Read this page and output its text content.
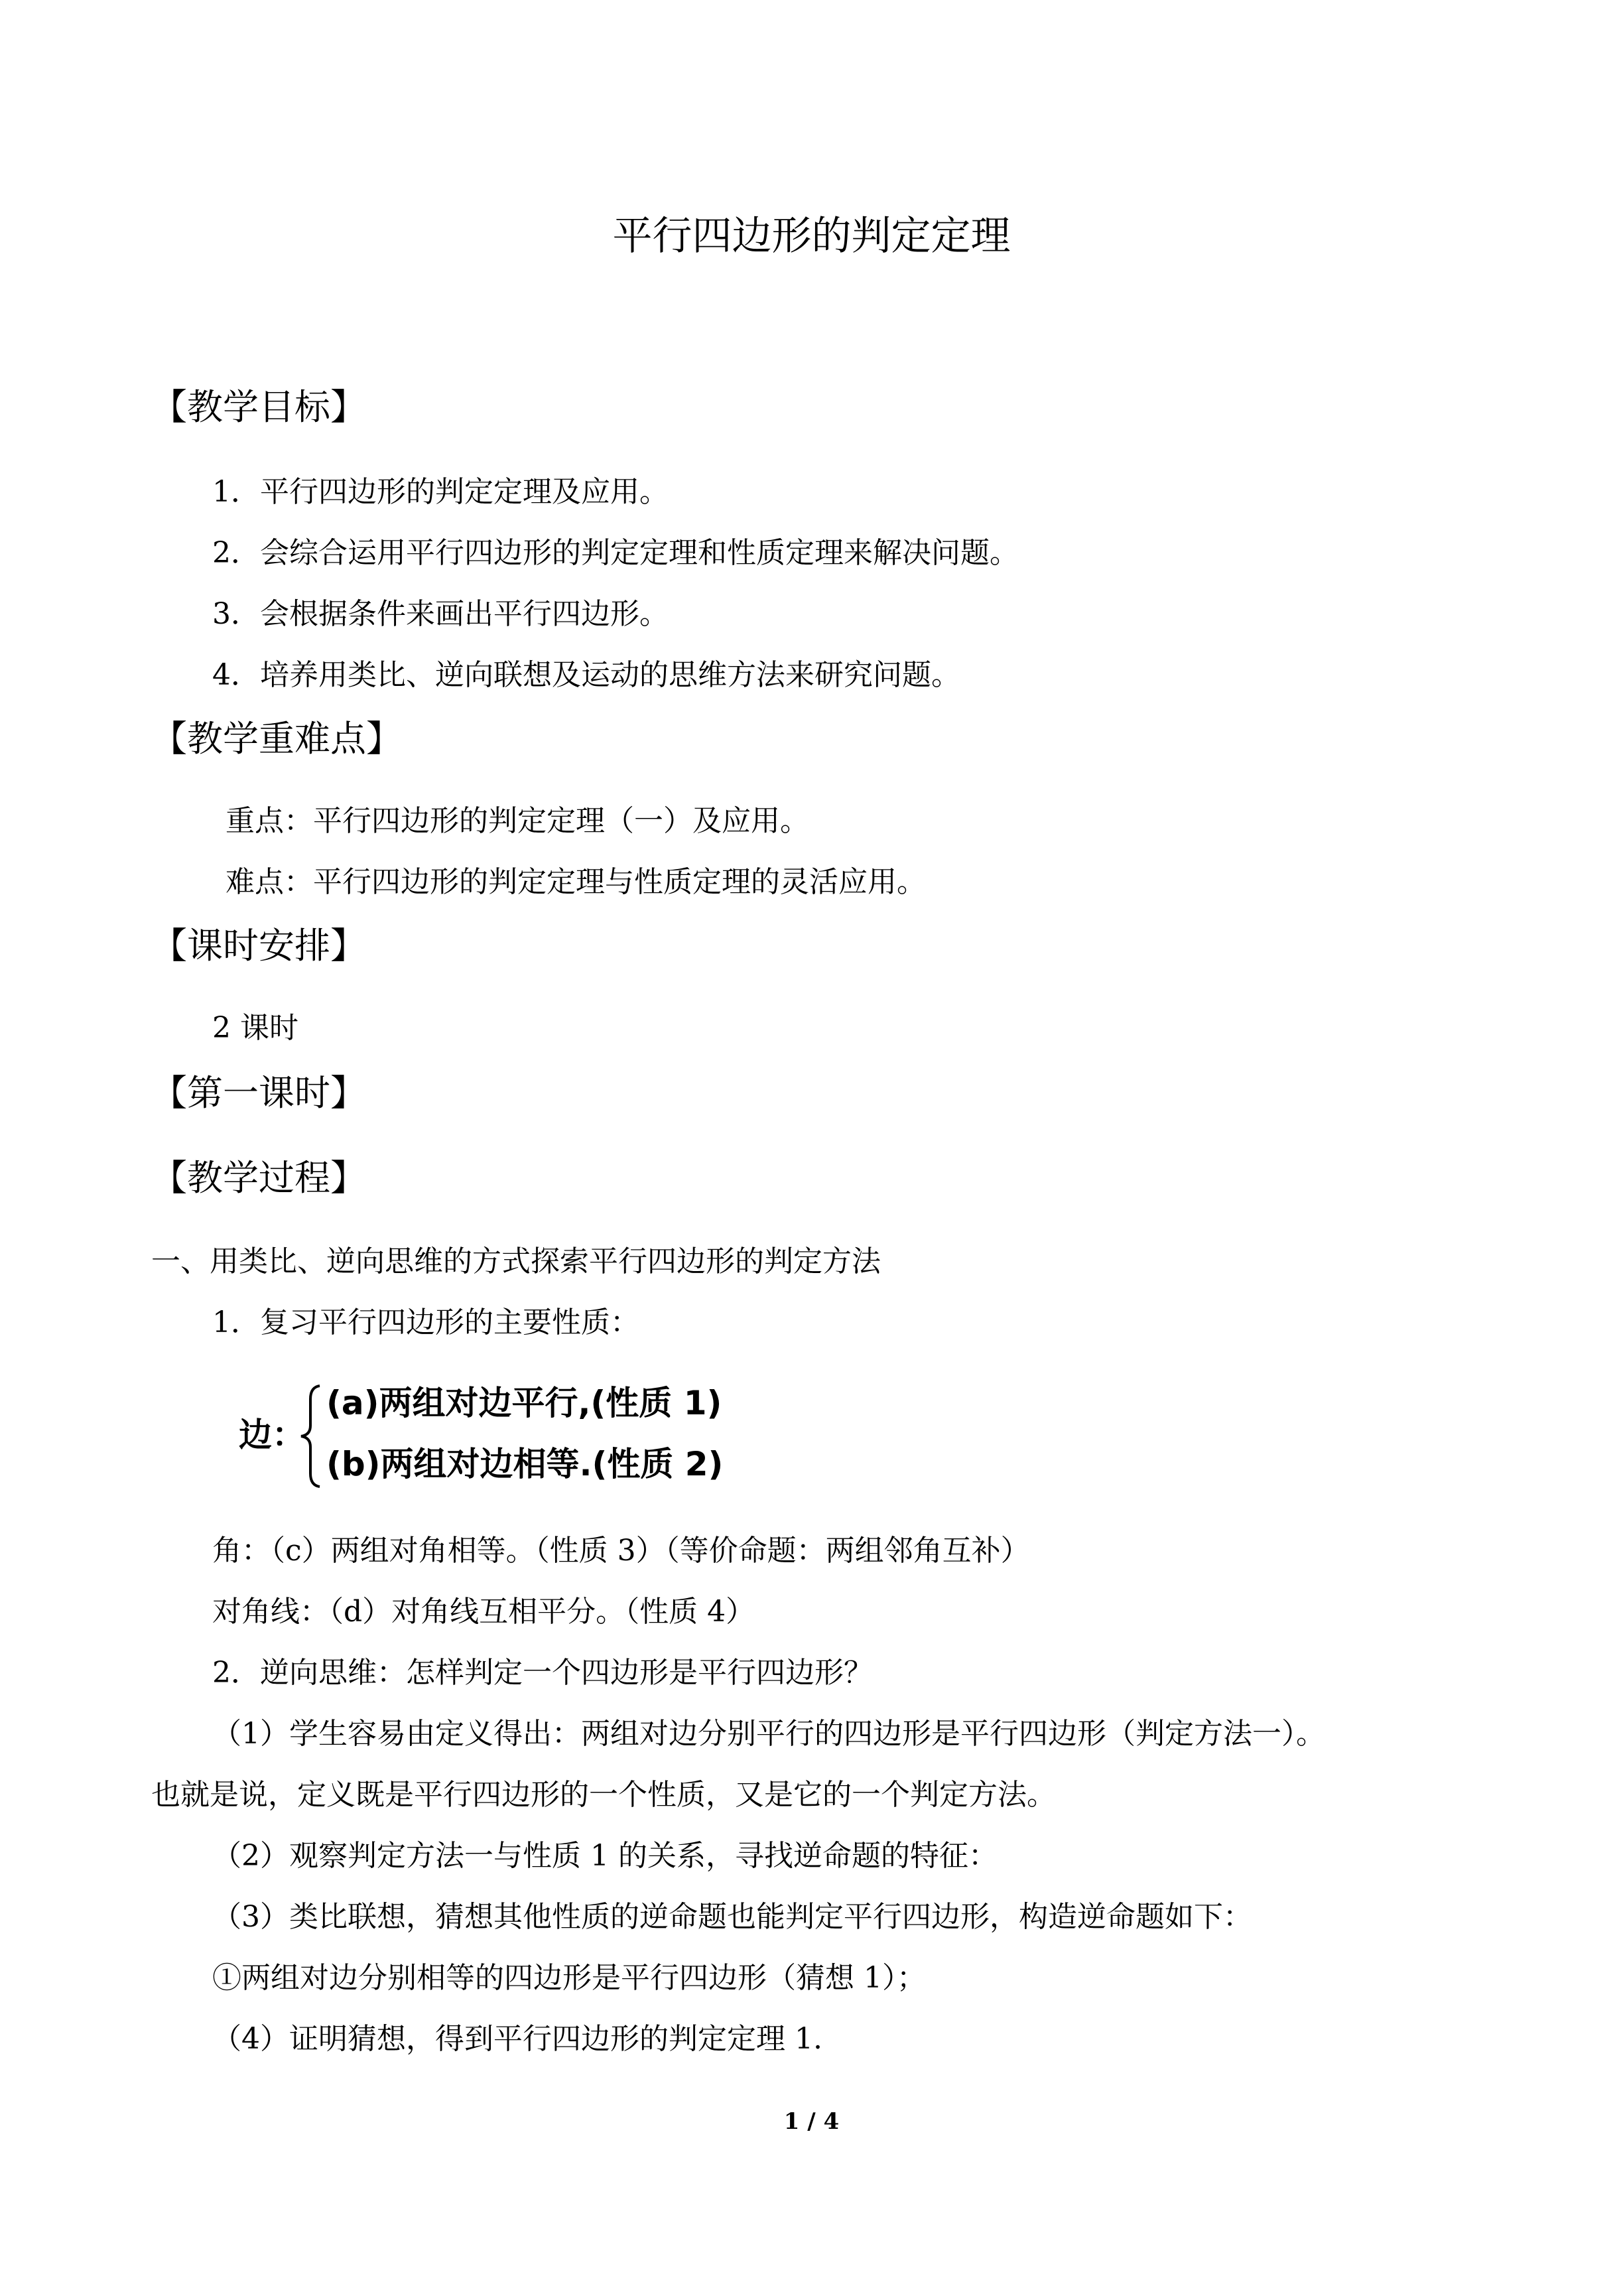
平行四边形的判定定理
【教学目标】
1．平行四边形的判定定理及应用。
2．会综合运用平行四边形的判定定理和性质定理来解决问题。
3．会根据条件来画出平行四边形。
4．培养用类比、逆向联想及运动的思维方法来研究问题。
【教学重难点】
重点：平行四边形的判定定理（一）及应用。
难点：平行四边形的判定定理与性质定理的灵活应用。
【课时安排】
2 课时
【第一课时】
【教学过程】
一、用类比、逆向思维的方式探索平行四边形的判定方法
1．复习平行四边形的主要性质：
边：
(a)两组对边平行,(性质 1)
(b)两组对边相等.(性质 2)
角：（c）两组对角相等。（性质 3）（等价命题：两组邻角互补）
对角线：（d）对角线互相平分。（性质 4）
2．逆向思维：怎样判定一个四边形是平行四边形？
（1）学生容易由定义得出：两组对边分别平行的四边形是平行四边形（判定方法一）。
也就是说，定义既是平行四边形的一个性质，又是它的一个判定方法。
（2）观察判定方法一与性质 1 的关系，寻找逆命题的特征：
（3）类比联想，猜想其他性质的逆命题也能判定平行四边形，构造逆命题如下：
①两组对边分别相等的四边形是平行四边形（猜想 1）；
（4）证明猜想，得到平行四边形的判定定理 1.
1 / 4
